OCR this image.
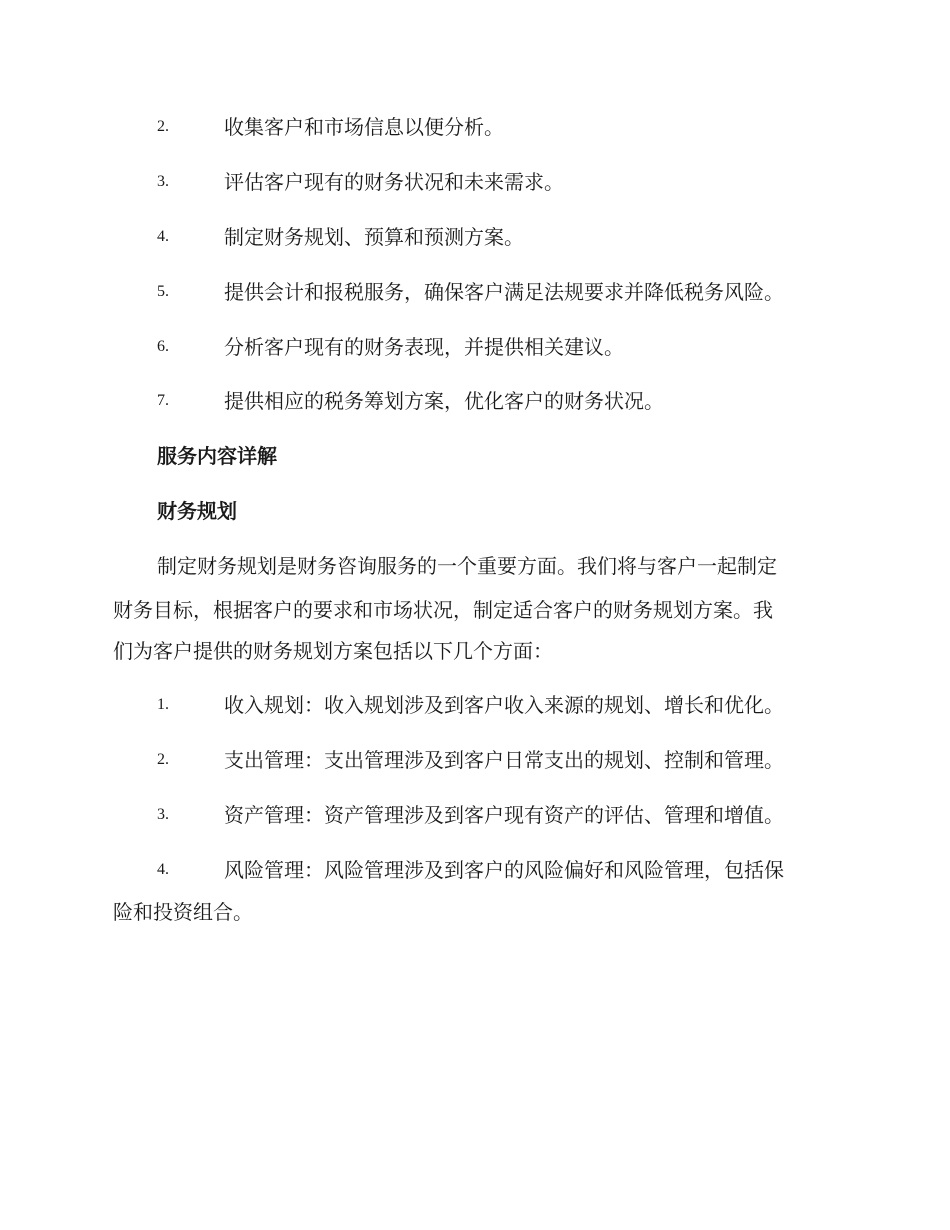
2.	收集客户和市场信息以便分析。
3.	评估客户现有的财务状况和未来需求。
4.	制定财务规划、预算和预测方案。
5.	提供会计和报税服务，确保客户满足法规要求并降低税务风险。
6.	分析客户现有的财务表现，并提供相关建议。
7.	提供相应的税务筹划方案，优化客户的财务状况。
服务内容详解
财务规划
制定财务规划是财务咨询服务的一个重要方面。我们将与客户一起制定
财务目标，根据客户的要求和市场状况，制定适合客户的财务规划方案。我
们为客户提供的财务规划方案包括以下几个方面：
1.	收入规划：收入规划涉及到客户收入来源的规划、增长和优化。
2.	支出管理：支出管理涉及到客户日常支出的规划、控制和管理。
3.	资产管理：资产管理涉及到客户现有资产的评估、管理和增值。
4.	风险管理：风险管理涉及到客户的风险偏好和风险管理，包括保
险和投资组合。
